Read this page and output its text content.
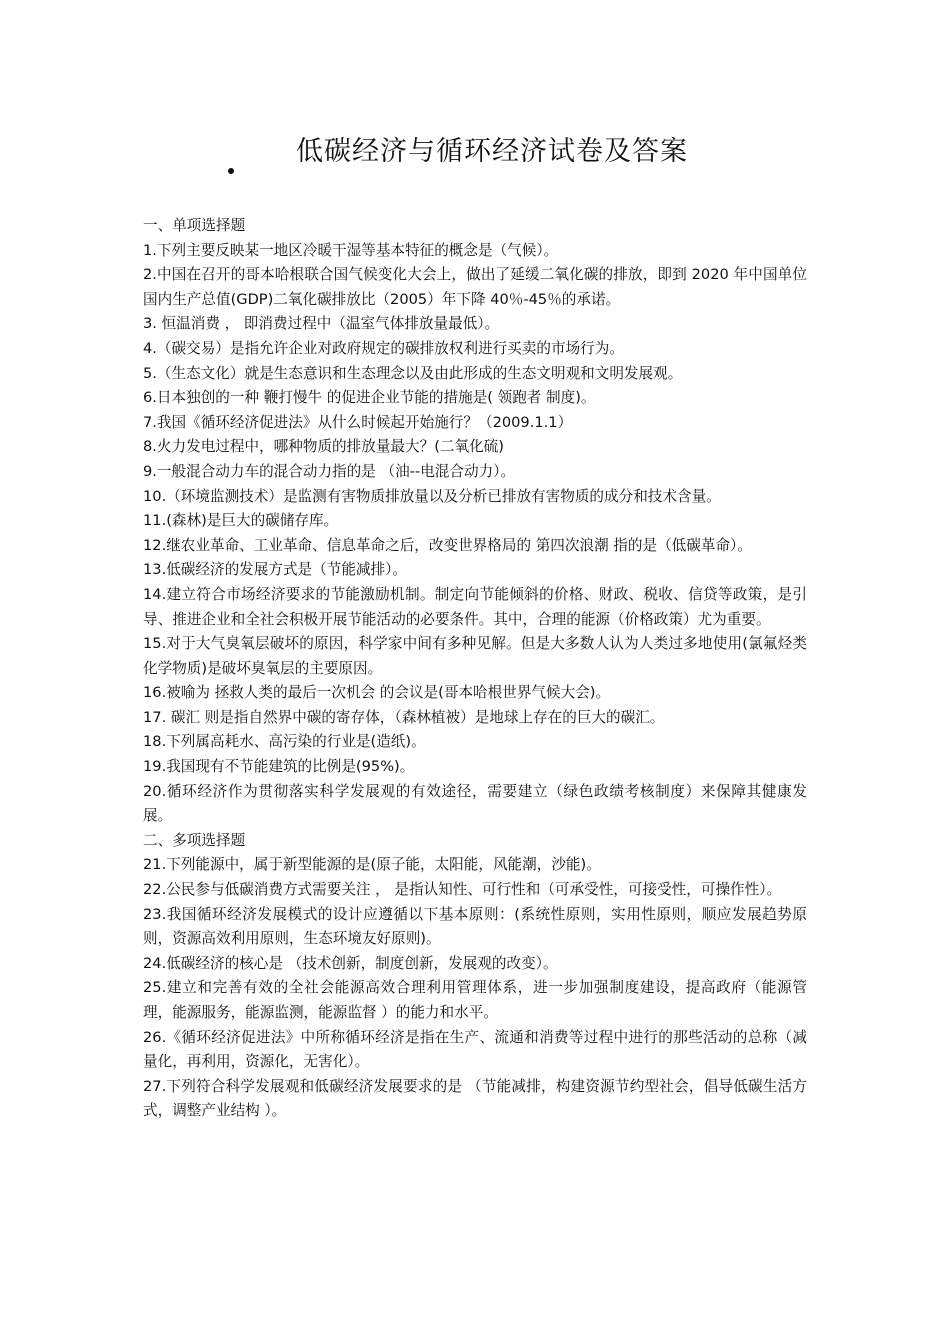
低碳经济与循环经济试卷及答案

一、单项选择题

1.下列主要反映某一地区冷暖干湿等基本特征的概念是（气候）。

2.中国在召开的哥本哈根联合国气候变化大会上，做出了延缓二氧化碳的排放，即到 2020 年中国单位国内生产总值(GDP)二氧化碳排放比（2005）年下降 40％-45％的承诺。

3. 恒温消费 ， 即消费过程中（温室气体排放量最低）。

4.（碳交易）是指允许企业对政府规定的碳排放权利进行买卖的市场行为。

5.（生态文化）就是生态意识和生态理念以及由此形成的生态文明观和文明发展观。

6.日本独创的一种 鞭打慢牛 的促进企业节能的措施是( 领跑者 制度)。

7.我国《循环经济促进法》从什么时候起开始施行？（2009.1.1）

8.火力发电过程中，哪种物质的排放量最大？(二氧化硫)

9.一般混合动力车的混合动力指的是 （油--电混合动力）。

10.（环境监测技术）是监测有害物质排放量以及分析已排放有害物质的成分和技术含量。

11.(森林)是巨大的碳储存库。

12.继农业革命、工业革命、信息革命之后，改变世界格局的 第四次浪潮 指的是（低碳革命）。

13.低碳经济的发展方式是（节能减排）。

14.建立符合市场经济要求的节能激励机制。制定向节能倾斜的价格、财政、税收、信贷等政策，是引导、推进企业和全社会积极开展节能活动的必要条件。其中，合理的能源（价格政策）尤为重要。

15.对于大气臭氧层破坏的原因，科学家中间有多种见解。但是大多数人认为人类过多地使用(氯氟烃类化学物质)是破坏臭氧层的主要原因。

16.被喻为 拯救人类的最后一次机会 的会议是(哥本哈根世界气候大会)。

17. 碳汇 则是指自然界中碳的寄存体，（森林植被）是地球上存在的巨大的碳汇。

18.下列属高耗水、高污染的行业是(造纸)。

19.我国现有不节能建筑的比例是(95%)。

20.循环经济作为贯彻落实科学发展观的有效途径，需要建立（绿色政绩考核制度）来保障其健康发展。

二、多项选择题

21.下列能源中，属于新型能源的是(原子能，太阳能，风能潮，沙能)。

22.公民参与低碳消费方式需要关注 ， 是指认知性、可行性和（可承受性，可接受性，可操作性）。

23.我国循环经济发展模式的设计应遵循以下基本原则：(系统性原则，实用性原则，顺应发展趋势原则，资源高效利用原则，生态环境友好原则)。

24.低碳经济的核心是 （技术创新，制度创新，发展观的改变）。

25.建立和完善有效的全社会能源高效合理利用管理体系，进一步加强制度建设，提高政府（能源管理，能源服务，能源监测，能源监督 ）的能力和水平。

26.《循环经济促进法》中所称循环经济是指在生产、流通和消费等过程中进行的那些活动的总称（减量化，再利用，资源化，无害化）。

27.下列符合科学发展观和低碳经济发展要求的是 （节能减排，构建资源节约型社会，倡导低碳生活方式，调整产业结构 ）。
